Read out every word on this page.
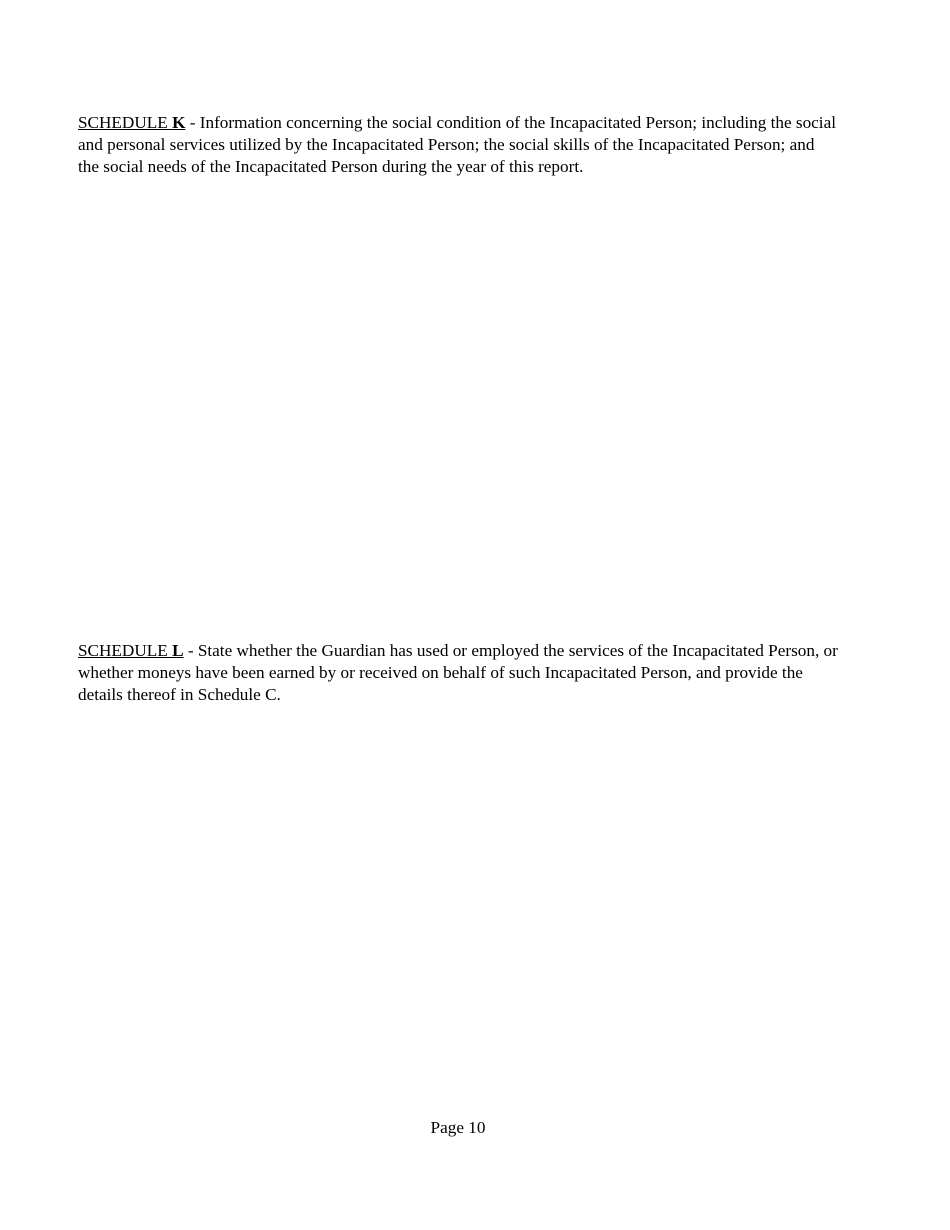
SCHEDULE K - Information concerning the social condition of the Incapacitated Person; including the social and personal services utilized by the Incapacitated Person; the social skills of the Incapacitated Person; and the social needs of the Incapacitated Person during the year of this report.

SCHEDULE L - State whether the Guardian has used or employed the services of the Incapacitated Person, or whether moneys have been earned by or received on behalf of such Incapacitated Person, and provide the details thereof in Schedule C.

Page 10
